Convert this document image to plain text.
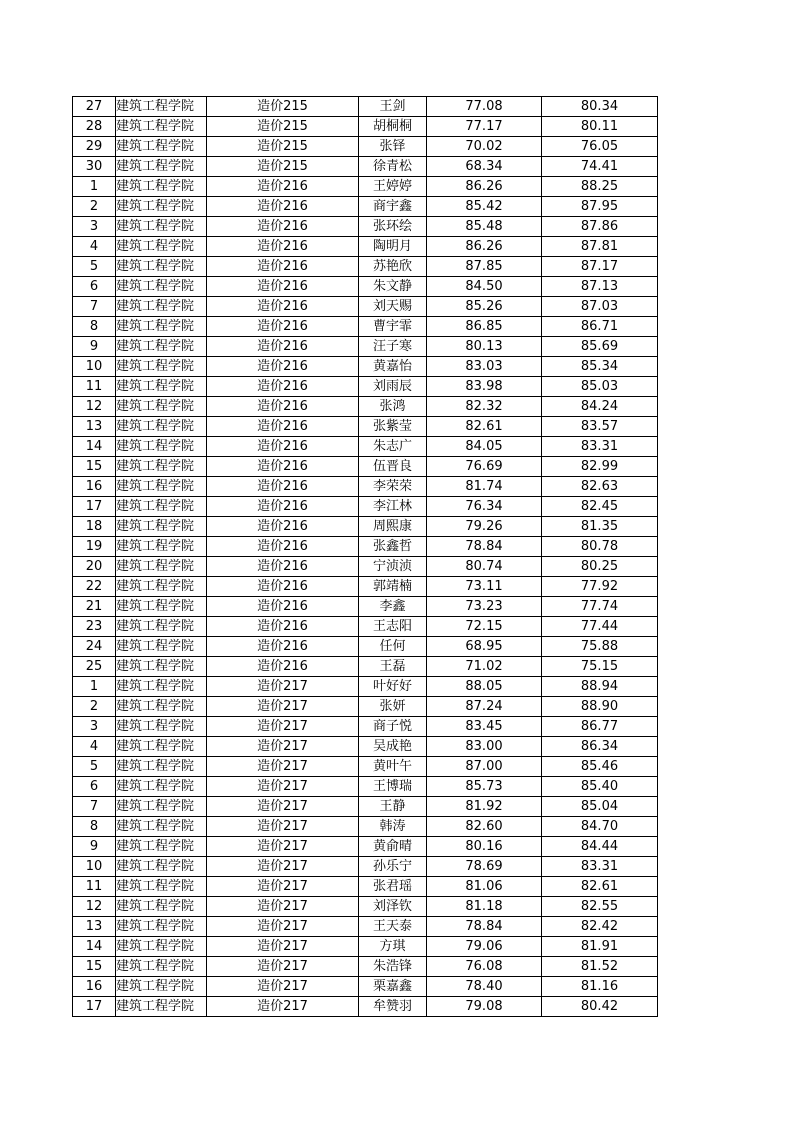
27	建筑工程学院	造价215	王剑	77.08	80.34
28	建筑工程学院	造价215	胡桐桐	77.17	80.11
29	建筑工程学院	造价215	张铎	70.02	76.05
30	建筑工程学院	造价215	徐青松	68.34	74.41
1	建筑工程学院	造价216	王婷婷	86.26	88.25
2	建筑工程学院	造价216	商宇鑫	85.42	87.95
3	建筑工程学院	造价216	张环绘	85.48	87.86
4	建筑工程学院	造价216	陶明月	86.26	87.81
5	建筑工程学院	造价216	苏艳欣	87.85	87.17
6	建筑工程学院	造价216	朱文静	84.50	87.13
7	建筑工程学院	造价216	刘天赐	85.26	87.03
8	建筑工程学院	造价216	曹宇霏	86.85	86.71
9	建筑工程学院	造价216	汪子寒	80.13	85.69
10	建筑工程学院	造价216	黄嘉怡	83.03	85.34
11	建筑工程学院	造价216	刘雨辰	83.98	85.03
12	建筑工程学院	造价216	张鸿	82.32	84.24
13	建筑工程学院	造价216	张紫莹	82.61	83.57
14	建筑工程学院	造价216	朱志广	84.05	83.31
15	建筑工程学院	造价216	伍晋良	76.69	82.99
16	建筑工程学院	造价216	李荣荣	81.74	82.63
17	建筑工程学院	造价216	李江林	76.34	82.45
18	建筑工程学院	造价216	周熙康	79.26	81.35
19	建筑工程学院	造价216	张鑫哲	78.84	80.78
20	建筑工程学院	造价216	宁浈浈	80.74	80.25
22	建筑工程学院	造价216	郭靖楠	73.11	77.92
21	建筑工程学院	造价216	李鑫	73.23	77.74
23	建筑工程学院	造价216	王志阳	72.15	77.44
24	建筑工程学院	造价216	任何	68.95	75.88
25	建筑工程学院	造价216	王磊	71.02	75.15
1	建筑工程学院	造价217	叶好好	88.05	88.94
2	建筑工程学院	造价217	张妍	87.24	88.90
3	建筑工程学院	造价217	商子悦	83.45	86.77
4	建筑工程学院	造价217	吴成艳	83.00	86.34
5	建筑工程学院	造价217	黄叶午	87.00	85.46
6	建筑工程学院	造价217	王博瑞	85.73	85.40
7	建筑工程学院	造价217	王静	81.92	85.04
8	建筑工程学院	造价217	韩涛	82.60	84.70
9	建筑工程学院	造价217	黄俞晴	80.16	84.44
10	建筑工程学院	造价217	孙乐宁	78.69	83.31
11	建筑工程学院	造价217	张君瑶	81.06	82.61
12	建筑工程学院	造价217	刘泽钦	81.18	82.55
13	建筑工程学院	造价217	王天泰	78.84	82.42
14	建筑工程学院	造价217	方琪	79.06	81.91
15	建筑工程学院	造价217	朱浩锋	76.08	81.52
16	建筑工程学院	造价217	栗嘉鑫	78.40	81.16
17	建筑工程学院	造价217	牟赞羽	79.08	80.42
